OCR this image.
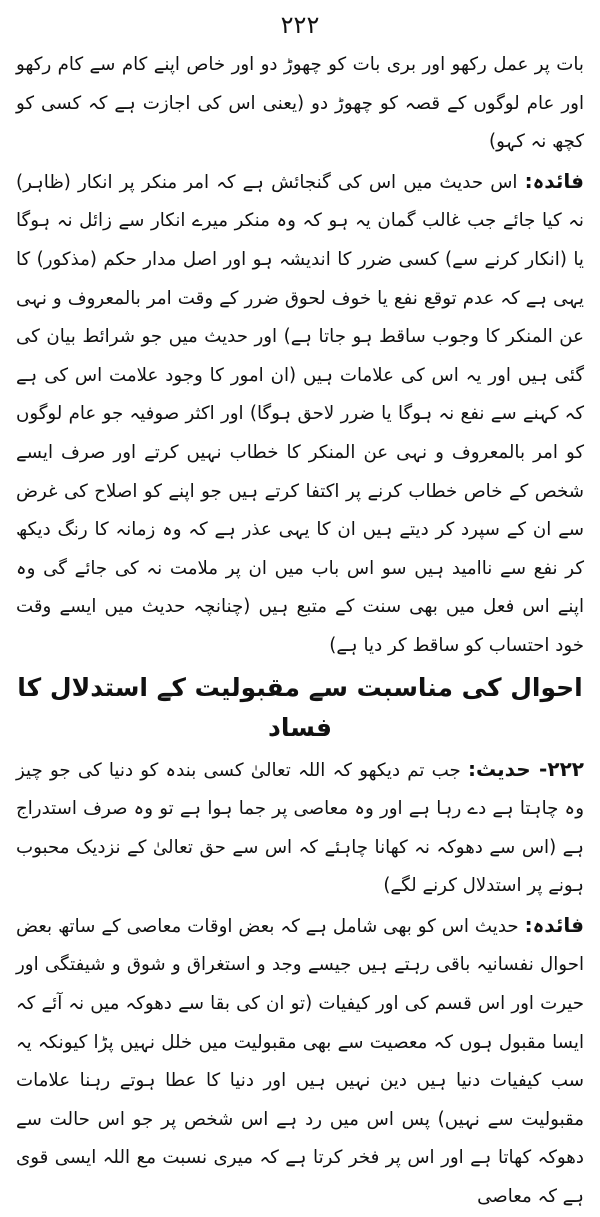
۲۲۲

بات پر عمل رکھو اور بری بات کو چھوڑ دو اور خاص اپنے کام سے کام رکھو اور عام لوگوں کے قصہ کو چھوڑ دو (یعنی اس کی اجازت ہے کہ کسی کو کچھ نہ کہو)

فائدہ: اس حدیث میں اس کی گنجائش ہے کہ امر منکر پر انکار (ظاہر) نہ کیا جائے جب غالب گمان یہ ہو کہ وہ منکر میرے انکار سے زائل نہ ہوگا یا (انکار کرنے سے) کسی ضرر کا اندیشہ ہو اور اصل مدار حکم (مذکور) کا یہی ہے کہ عدم توقع نفع یا خوف لحوق ضرر کے وقت امر بالمعروف و نہی عن المنکر کا وجوب ساقط ہو جاتا ہے) اور حدیث میں جو شرائط بیان کی گئی ہیں اور یہ اس کی علامات ہیں (ان امور کا وجود علامت اس کی ہے کہ کہنے سے نفع نہ ہوگا یا ضرر لاحق ہوگا) اور اکثر صوفیہ جو عام لوگوں کو امر بالمعروف و نہی عن المنکر کا خطاب نہیں کرتے اور صرف ایسے شخص کے خاص خطاب کرنے پر اکتفا کرتے ہیں جو اپنے کو اصلاح کی غرض سے ان کے سپرد کر دیتے ہیں ان کا یہی عذر ہے کہ وہ زمانہ کا رنگ دیکھ کر نفع سے ناامید ہیں سو اس باب میں ان پر ملامت نہ کی جائے گی وہ اپنے اس فعل میں بھی سنت کے متبع ہیں (چنانچہ حدیث میں ایسے وقت خود احتساب کو ساقط کر دیا ہے)

احوال کی مناسبت سے مقبولیت کے استدلال کا فساد

۲۲۲- حدیث: جب تم دیکھو کہ اللہ تعالیٰ کسی بندہ کو دنیا کی جو چیز وہ چاہتا ہے دے رہا ہے اور وہ معاصی پر جما ہوا ہے تو وہ صرف استدراج ہے (اس سے دھوکہ نہ کھانا چاہئے کہ اس سے حق تعالیٰ کے نزدیک محبوب ہونے پر استدلال کرنے لگے)

فائدہ: حدیث اس کو بھی شامل ہے کہ بعض اوقات معاصی کے ساتھ بعض احوال نفسانیہ باقی رہتے ہیں جیسے وجد و استغراق و شوق و شیفتگی اور حیرت اور اس قسم کی اور کیفیات (تو ان کی بقا سے دھوکہ میں نہ آئے کہ ایسا مقبول ہوں کہ معصیت سے بھی مقبولیت میں خلل نہیں پڑا کیونکہ یہ سب کیفیات دنیا ہیں دین نہیں ہیں اور دنیا کا عطا ہوتے رہنا علامات مقبولیت سے نہیں) پس اس میں رد ہے اس شخص پر جو اس حالت سے دھوکہ کھاتا ہے اور اس پر فخر کرتا ہے کہ میری نسبت مع اللہ ایسی قوی ہے کہ معاصی
